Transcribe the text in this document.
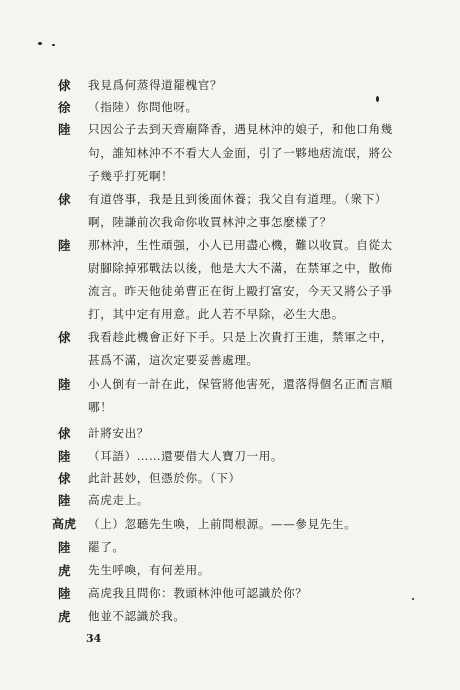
俅	我見爲何蒸得道罷槐官？
徐	（指陸）你問他呀。
陸	只因公子去到天齊廟降香，遇見林沖的娘子，和他口角幾
句，誰知林沖不不看大人金面，引了一夥地痞流氓，將公
子幾乎打死啊！
俅	有道啓事，我是且到後面休養；我父自有道理。（衆下）
啊，陸謙前次我命你收買林沖之事怎麼樣了？
陸	那林沖，生性頑强，小人已用盡心機，難以收買。自從太
尉腳除掉邪戰法以後，他是大大不滿，在禁軍之中，散佈
流言。昨天他徒弟曹正在街上毆打富安，今天又將公子爭
打，其中定有用意。此人若不早除，必生大患。
俅	我看趁此機會正好下手。只是上次貴打王進，禁軍之中，
甚爲不滿，這次定要妥善處理。
陸	小人倒有一計在此，保管將他害死，還落得個名正而言順
哪！
俅	計將安出？
陸	（耳語）……還要借大人寶刀一用。
俅	此計甚妙，但憑於你。（下）
陸	高虎走上。
高虎	（上）忽聽先生喚，上前問根源。——參見先生。
陸	罷了。
虎	先生呼喚，有何差用。
陸	高虎我且問你：教頭林沖他可認識於你？
虎	他並不認識於我。
34
